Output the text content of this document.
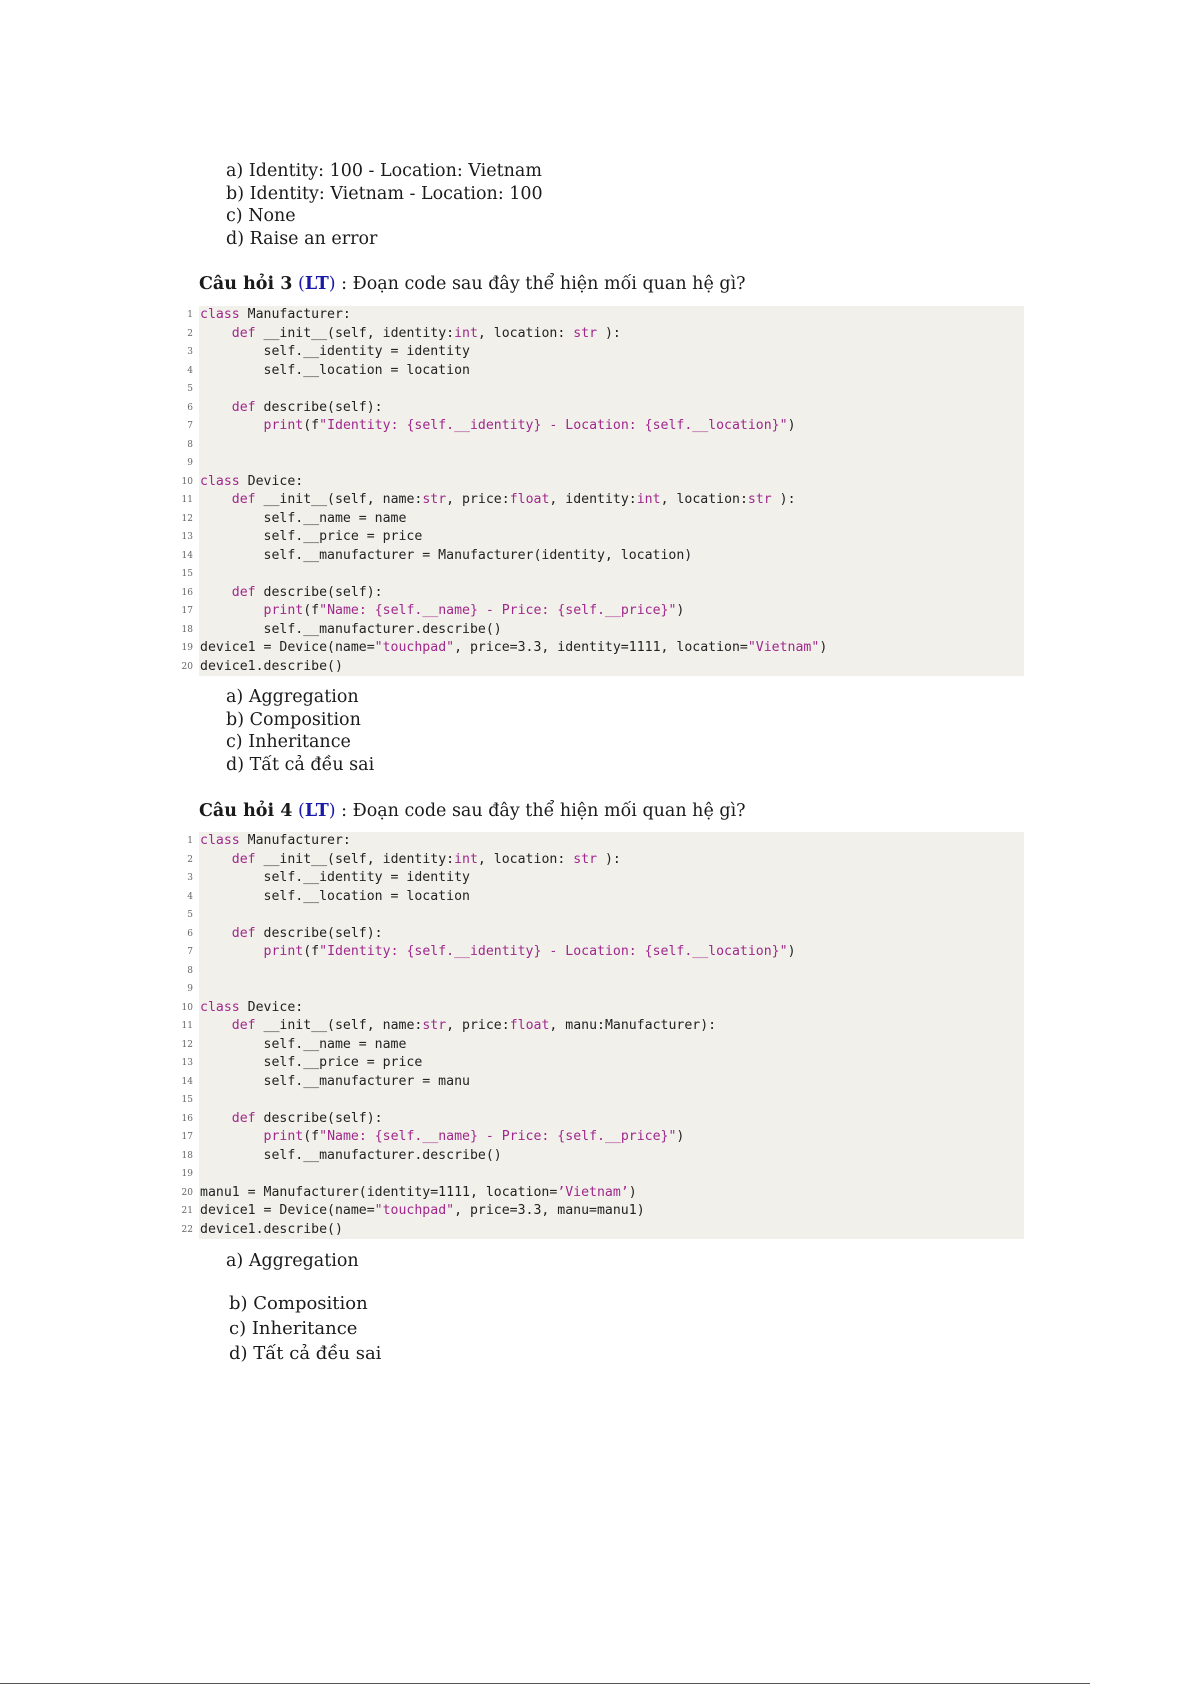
a) Identity: 100 - Location: Vietnam
b) Identity: Vietnam - Location: 100
c) None
d) Raise an error
Câu hỏi 3 (LT) : Đoạn code sau đây thể hiện mối quan hệ gì?
1 class Manufacturer:
2	def __init__(self, identity:int, location: str ):
3 self.__identity = identity
4 self.__location = location
5
6	def describe(self):
7	print(f"Identity: {self.__identity} - Location: {self.__location}")
8
9
10 class Device:
11	def __init__(self, name:str, price:float, identity:int, location:str ):
12 self.__name = name
13 self.__price = price
14 self.__manufacturer = Manufacturer(identity, location)
15
16	def describe(self):
17	print(f"Name: {self.__name} - Price: {self.__price}")
18 self.__manufacturer.describe()
19 device1 = Device(name="touchpad", price=3.3, identity=1111, location="Vietnam")
20 device1.describe()
a) Aggregation
b) Composition
c) Inheritance
d) Tất cả đều sai
Câu hỏi 4 (LT) : Đoạn code sau đây thể hiện mối quan hệ gì?
1 class Manufacturer:
2	def __init__(self, identity:int, location: str ):
3 self.__identity = identity
4 self.__location = location
5
6	def describe(self):
7	print(f"Identity: {self.__identity} - Location: {self.__location}")
8
9
10 class Device:
11	def __init__(self, name:str, price:float, manu:Manufacturer):
12 self.__name = name
13 self.__price = price
14 self.__manufacturer = manu
15
16	def describe(self):
17	print(f"Name: {self.__name} - Price: {self.__price}")
18 self.__manufacturer.describe()
19
20 manu1 = Manufacturer(identity=1111, location=’Vietnam’)
21 device1 = Device(name="touchpad", price=3.3, manu=manu1)
22 device1.describe()
a) Aggregation
b) Composition
c) Inheritance
d) Tất cả đều sai
